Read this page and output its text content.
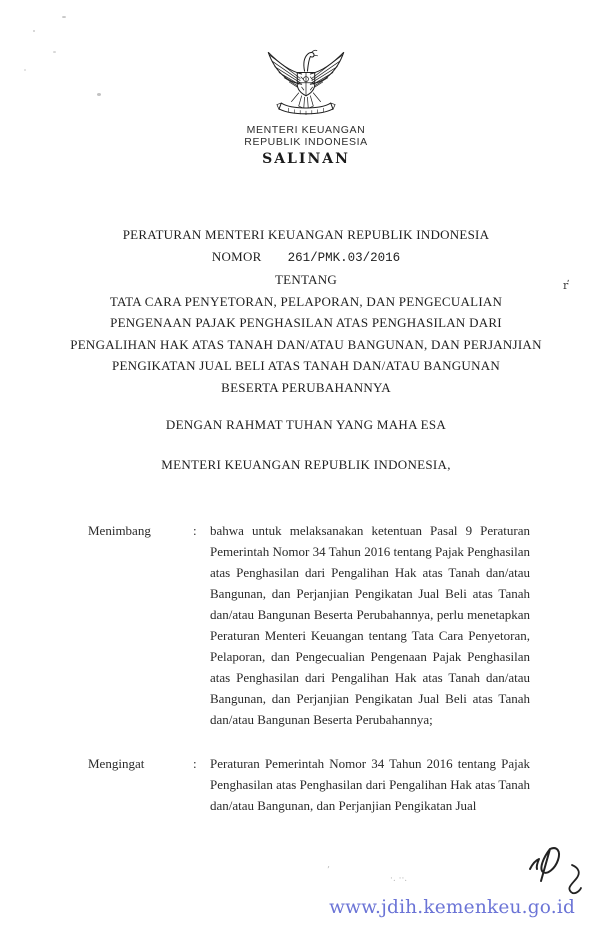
r̕
’
·. ··.
MENTERI KEUANGAN
REPUBLIK INDONESIA
SALINAN
PERATURAN MENTERI KEUANGAN REPUBLIK INDONESIA
NOMOR 261/PMK.03/2016
TENTANG
TATA CARA PENYETORAN, PELAPORAN, DAN PENGECUALIAN
PENGENAAN PAJAK PENGHASILAN ATAS PENGHASILAN DARI
PENGALIHAN HAK ATAS TANAH DAN/ATAU BANGUNAN, DAN PERJANJIAN
PENGIKATAN JUAL BELI ATAS TANAH DAN/ATAU BANGUNAN
BESERTA PERUBAHANNYA
DENGAN RAHMAT TUHAN YANG MAHA ESA
MENTERI KEUANGAN REPUBLIK INDONESIA,
Menimbang	:	bahwa untuk melaksanakan ketentuan Pasal 9 Peraturan Pemerintah Nomor 34 Tahun 2016 tentang Pajak Penghasilan atas Penghasilan dari Pengalihan Hak atas Tanah dan/atau Bangunan, dan Perjanjian Pengikatan Jual Beli atas Tanah dan/atau Bangunan Beserta Perubahannya, perlu menetapkan Peraturan Menteri Keuangan tentang Tata Cara Penyetoran, Pelaporan, dan Pengecualian Pengenaan Pajak Penghasilan atas Penghasilan dari Pengalihan Hak atas Tanah dan/atau Bangunan, dan Perjanjian Pengikatan Jual Beli atas Tanah dan/atau Bangunan Beserta Perubahannya;
Mengingat	:	Peraturan Pemerintah Nomor 34 Tahun 2016 tentang Pajak Penghasilan atas Penghasilan dari Pengalihan Hak atas Tanah dan/atau Bangunan, dan Perjanjian Pengikatan Jual
www.jdih.kemenkeu.go.id
